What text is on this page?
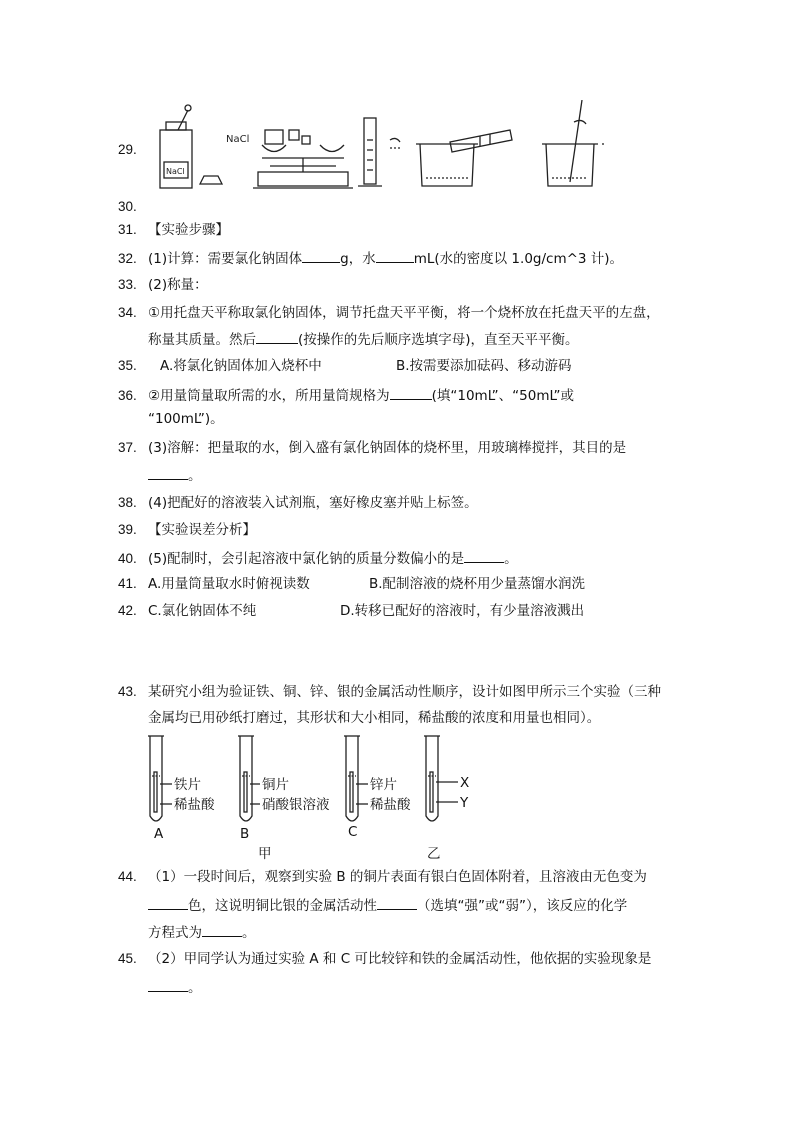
29.
NaCl
NaCl
30.
31. 【实验步骤】
32. (1)计算：需要氯化钠固体	g，水	mL(水的密度以 1.0g/cm^3 计)。
33. (2)称量：
34. ①用托盘天平称取氯化钠固体，调节托盘天平平衡，将一个烧杯放在托盘天平的左盘，
称量其质量。然后	(按操作的先后顺序选填字母)，直至天平平衡。
35. A.将氯化钠固体加入烧杯中	B.按需要添加砝码、移动游码
36. ②用量筒量取所需的水，所用量筒规格为	(填“10mL”、“50mL”或
“100mL”)。
37. (3)溶解：把量取的水，倒入盛有氯化钠固体的烧杯里，用玻璃棒搅拌，其目的是
。
38. (4)把配好的溶液装入试剂瓶，塞好橡皮塞并贴上标签。
39. 【实验误差分析】
40. (5)配制时，会引起溶液中氯化钠的质量分数偏小的是	。
41. A.用量筒量取水时俯视读数	B.配制溶液的烧杯用少量蒸馏水润洗
42. C.氯化钠固体不纯	D.转移已配好的溶液时，有少量溶液溅出
43. 某研究小组为验证铁、铜、锌、银的金属活动性顺序，设计如图甲所示三个实验（三种
金属均已用砂纸打磨过，其形状和大小相同，稀盐酸的浓度和用量也相同）。
铁片
稀盐酸
A
铜片
硝酸银溶液
B
锌片
稀盐酸
C
X
Y
甲	乙
44. （1）一段时间后，观察到实验 B 的铜片表面有银白色固体附着，且溶液由无色变为
色，这说明铜比银的金属活动性	（选填“强”或“弱”），该反应的化学
方程式为	。
45. （2）甲同学认为通过实验 A 和 C 可比较锌和铁的金属活动性，他依据的实验现象是
。
